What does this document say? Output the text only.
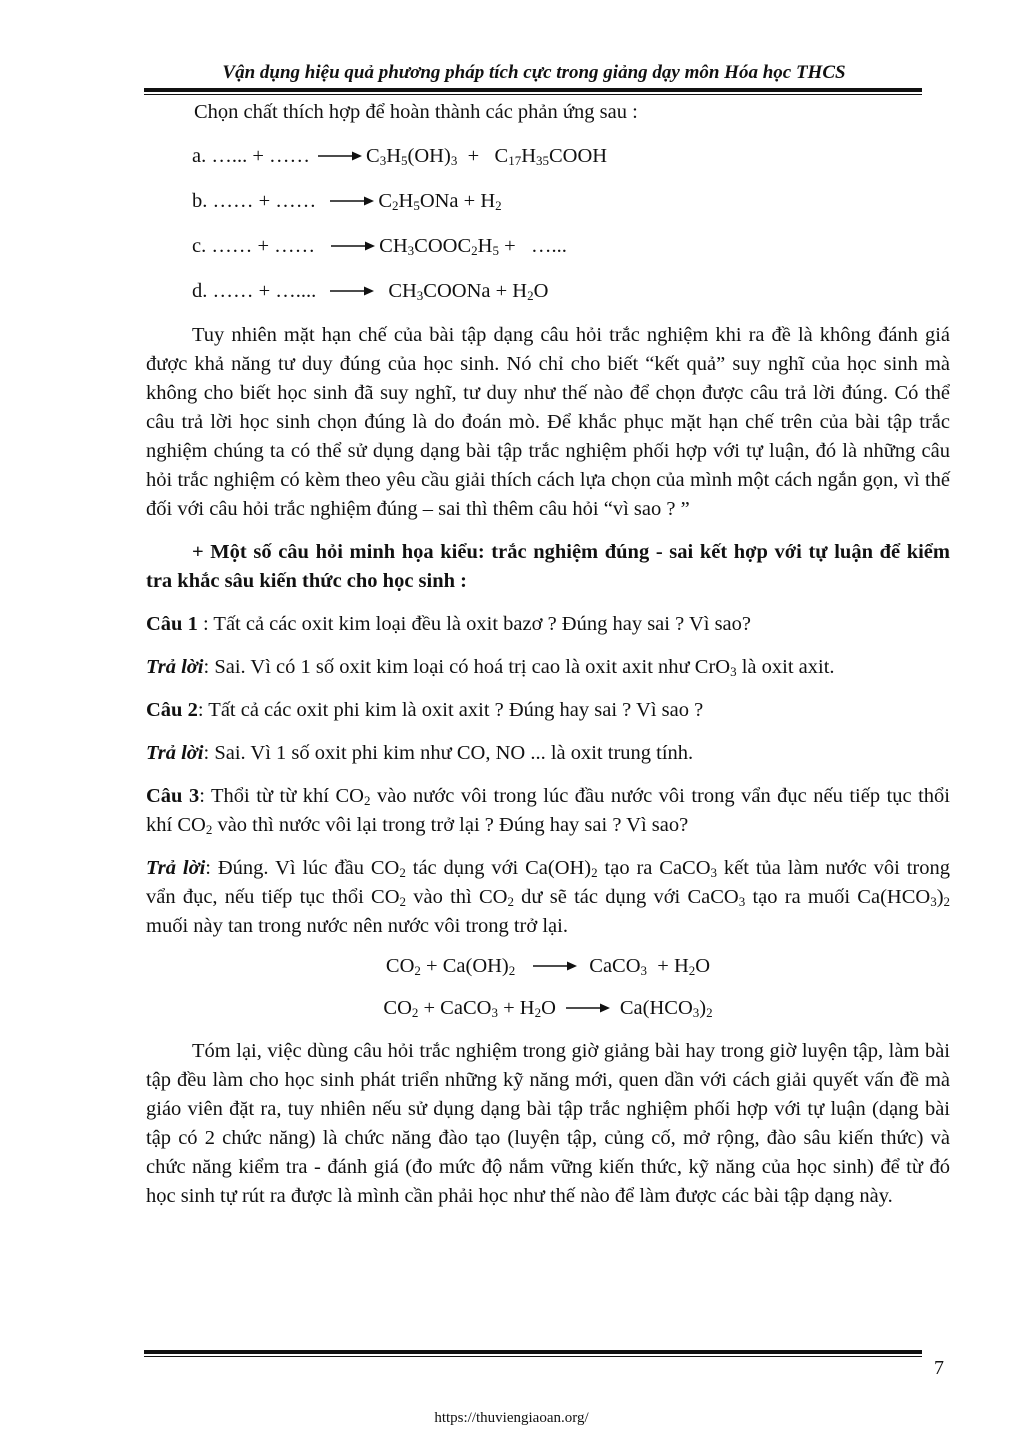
Vận dụng hiệu quả phương pháp tích cực trong giảng dạy môn Hóa học THCS

Chọn chất thích hợp để hoàn thành các phản ứng sau :

a. …... + …… → $C_3H_5(OH)_3$  +   $C_{17}H_{35}COOH$
b. …… + …… → $C_2H_5ONa + H_2$
c. …… + …… → $CH_3COOC_2H_5$ +   …...
d. …… + ….... → $CH_3COONa + H_2O$

Tuy nhiên mặt hạn chế của bài tập dạng câu hỏi trắc nghiệm khi ra đề là không đánh giá được khả năng tư duy đúng của học sinh. Nó chỉ cho biết “kết quả” suy nghĩ của học sinh mà không cho biết học sinh đã suy nghĩ, tư duy như thế nào để chọn được câu trả lời đúng. Có thể câu trả lời học sinh chọn đúng là do đoán mò. Để khắc phục mặt hạn chế trên của bài tập trắc nghiệm chúng ta có thể sử dụng dạng bài tập trắc nghiệm phối hợp với tự luận, đó là những câu hỏi trắc nghiệm có kèm theo yêu cầu giải thích cách lựa chọn của mình một cách ngắn gọn, vì thế đối với câu hỏi trắc nghiệm đúng – sai thì thêm câu hỏi “vì sao ? ”

+ Một số câu hỏi minh họa kiểu: trắc nghiệm đúng - sai kết hợp với tự luận để kiểm tra khắc sâu kiến thức cho học sinh :

Câu 1 : Tất cả các oxit kim loại đều là oxit bazơ ? Đúng hay sai ? Vì sao?

Trả lời: Sai. Vì có 1 số oxit kim loại có hoá trị cao là oxit axit như CrO$_3$ là oxit axit.

Câu 2: Tất cả các oxit phi kim là oxit axit ? Đúng hay sai ? Vì sao ?

Trả lời: Sai. Vì 1 số oxit phi kim như CO, NO ... là oxit trung tính.

Câu 3: Thổi từ từ khí $CO_2$ vào nước vôi trong lúc đầu nước vôi trong vẩn đục nếu tiếp tục thổi khí $CO_2$ vào thì nước vôi lại trong trở lại ? Đúng hay sai ? Vì sao?

Trả lời: Đúng. Vì lúc đầu $CO_2$ tác dụng với $Ca(OH)_2$ tạo ra CaCO$_3$ kết tủa làm nước vôi trong vẩn đục, nếu tiếp tục thổi $CO_2$ vào thì $CO_2$ dư sẽ tác dụng với CaCO$_3$ tạo ra muối $Ca(HCO_3)_2$ muối này tan trong nước nên nước vôi trong trở lại.

$CO_2 + Ca(OH)_2$ → CaCO$_3$  + $H_2O$
$CO_2$ + CaCO$_3$ + $H_2O \to Ca(HCO_3)_2$

Tóm lại, việc dùng câu hỏi trắc nghiệm trong giờ giảng bài hay trong giờ luyện tập, làm bài tập đều làm cho học sinh phát triển những kỹ năng mới, quen dần với cách giải quyết vấn đề mà giáo viên đặt ra, tuy nhiên nếu sử dụng dạng bài tập trắc nghiệm phối hợp với tự luận (dạng bài tập có 2 chức năng) là chức năng đào tạo (luyện tập, củng cố, mở rộng, đào sâu kiến thức) và chức năng kiểm tra - đánh giá (đo mức độ nắm vững kiến thức, kỹ năng của học sinh) để từ đó học sinh tự rút ra được là mình cần phải học như thế nào để làm được các bài tập dạng này.

7
https://thuviengiaoan.org/
